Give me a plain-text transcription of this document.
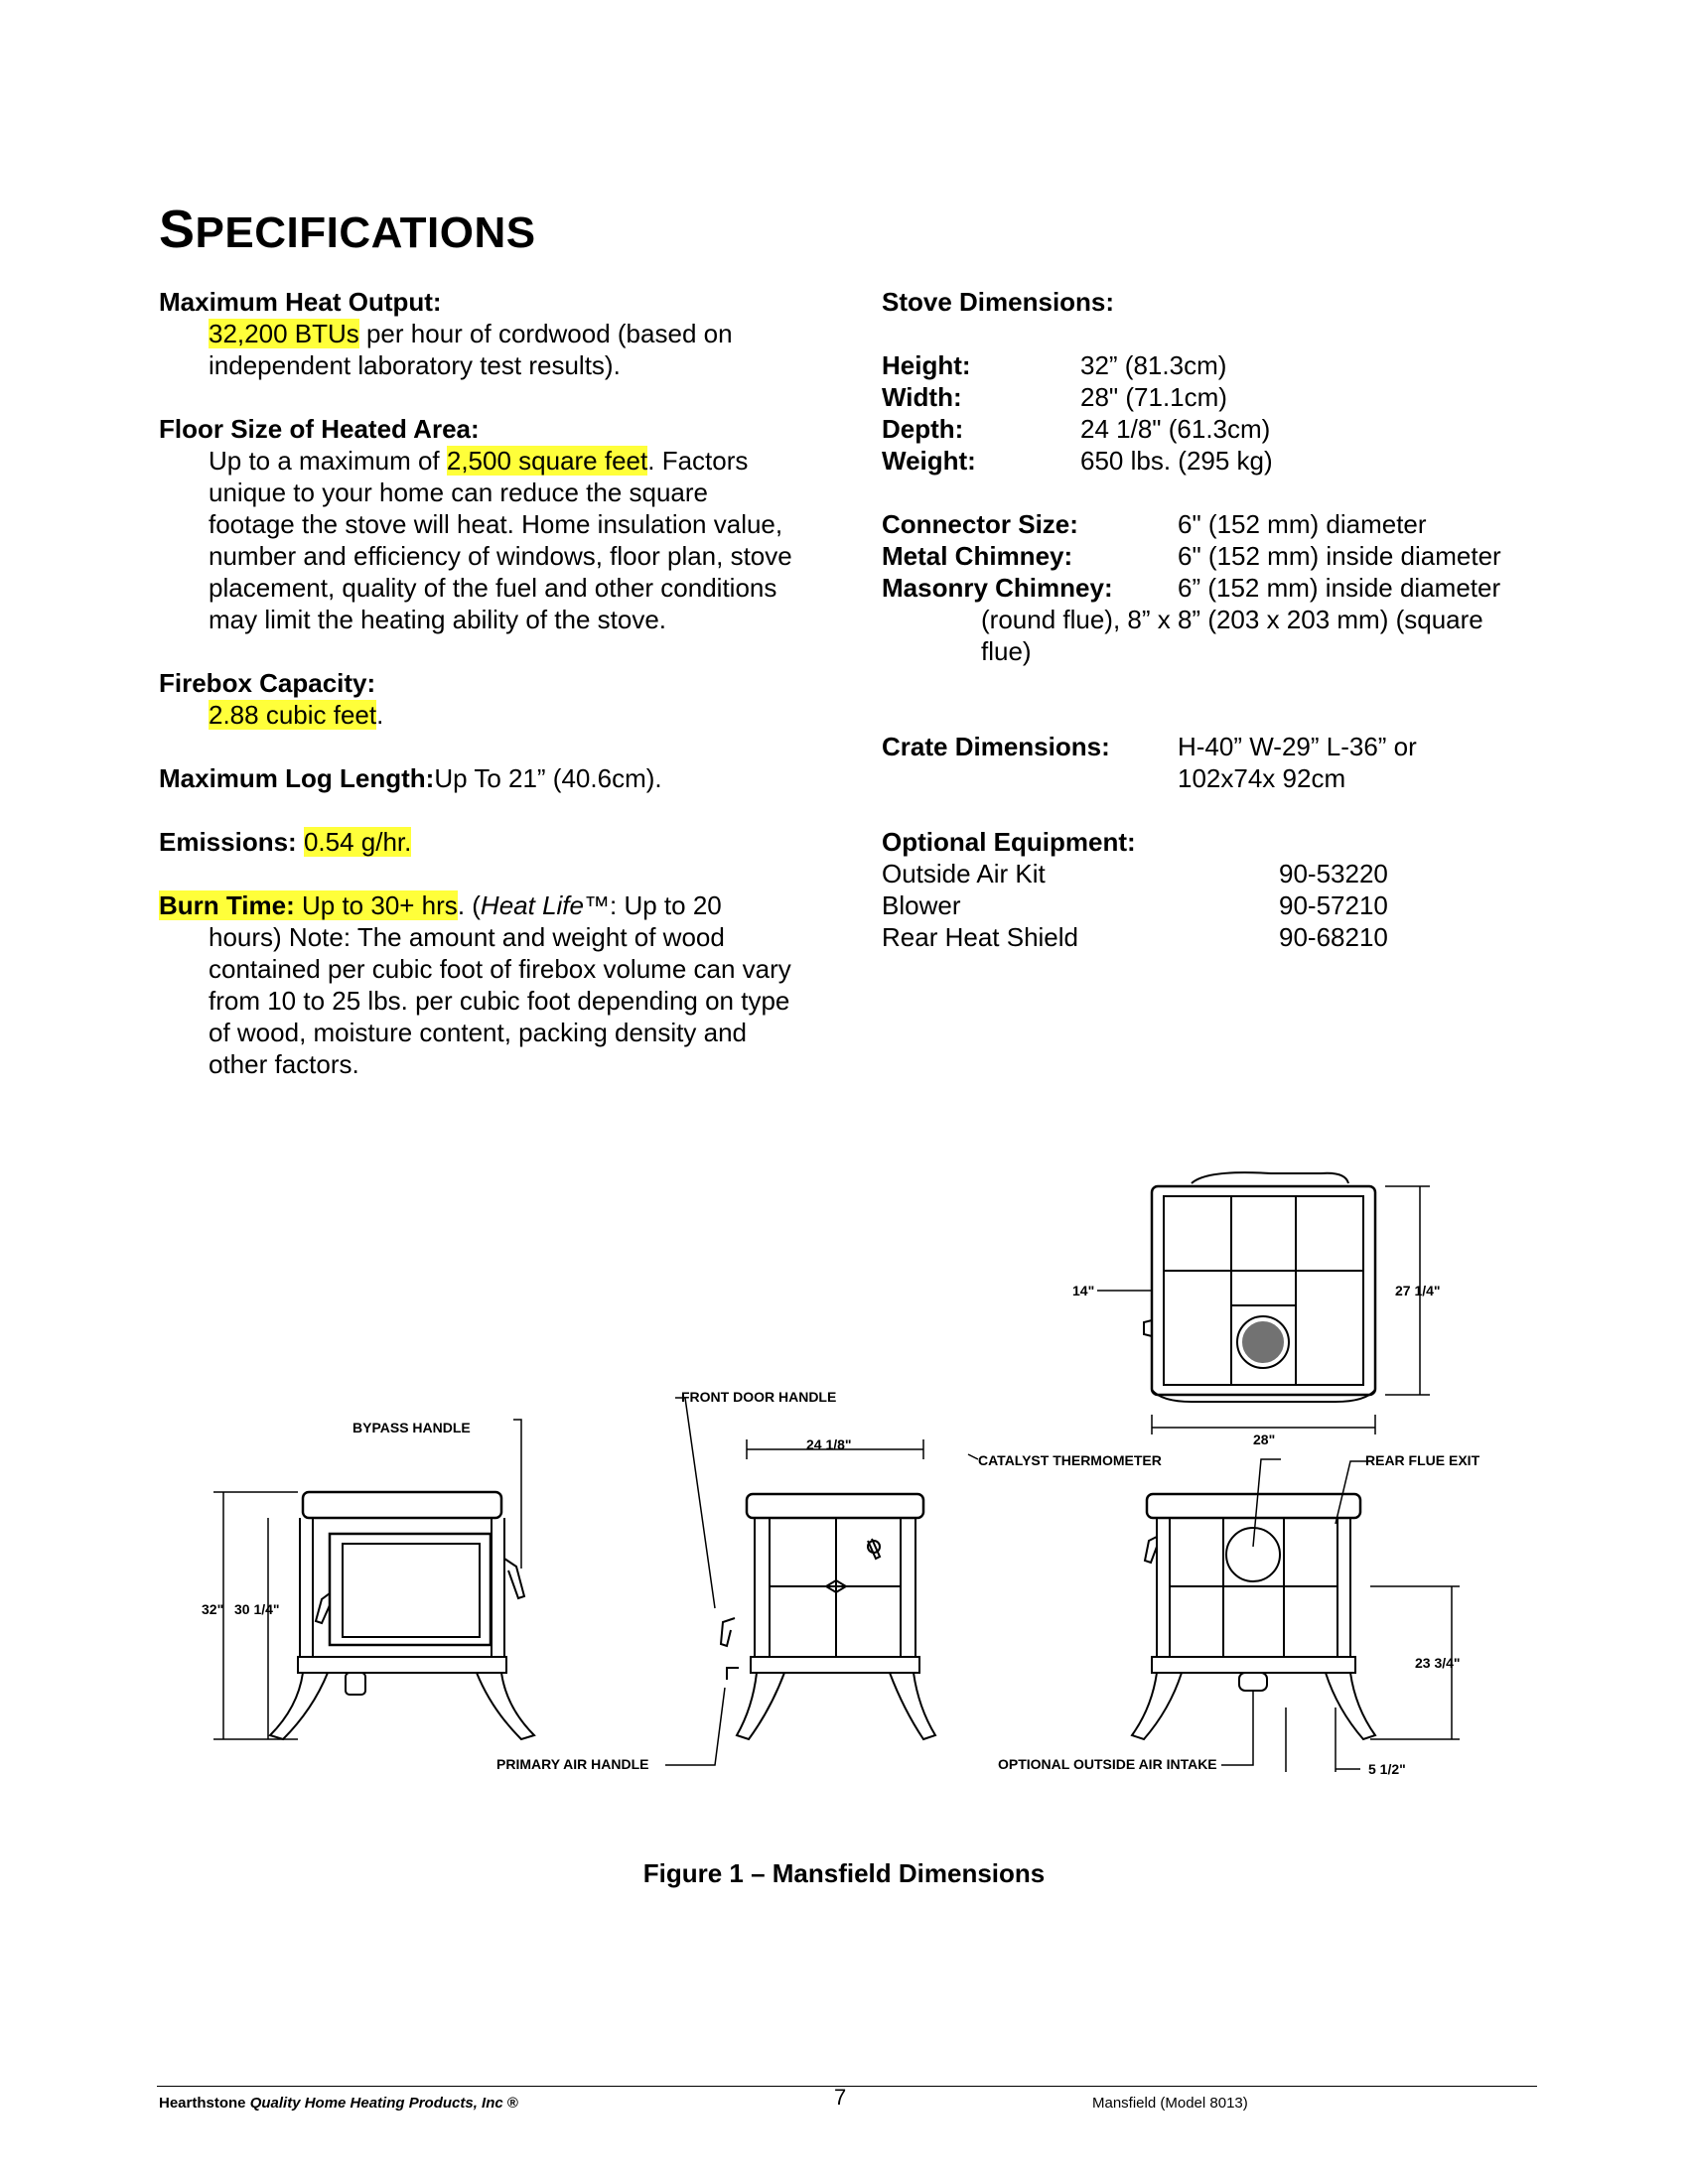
SPECIFICATIONS
Maximum Heat Output:
32,200 BTUs per hour of cordwood (based on independent laboratory test results).
Floor Size of Heated Area:
Up to a maximum of 2,500 square feet. Factors unique to your home can reduce the square footage the stove will heat. Home insulation value, number and efficiency of windows, floor plan, stove placement, quality of the fuel and other conditions may limit the heating ability of the stove.
Firebox Capacity:
2.88 cubic feet.
Maximum Log Length:Up To 21” (40.6cm).
Emissions: 0.54 g/hr.
Burn Time: Up to 30+ hrs. (Heat Life™: Up to 20 hours) Note: The amount and weight of wood contained per cubic foot of firebox volume can vary from 10 to 25 lbs. per cubic foot depending on type of wood, moisture content, packing density and other factors.
Stove Dimensions:
Height:	32” (81.3cm)
Width:	28" (71.1cm)
Depth:	24 1/8" (61.3cm)
Weight:	650 lbs. (295 kg)
Connector Size:	6" (152 mm) diameter
Metal Chimney:	6" (152 mm) inside diameter
Masonry Chimney:	6” (152 mm) inside diameter
(round flue), 8” x 8” (203 x 203 mm) (square flue)
Crate Dimensions:	H-40” W-29” L-36” or
102x74x 92cm
Optional Equipment:
Outside Air Kit	90-53220
Blower	90-57210
Rear Heat Shield	90-68210
14"	27 1/4"
28"
32" 30 1/4"
BYPASS HANDLE
PRIMARY AIR HANDLE
24 1/8"
FRONT DOOR HANDLE
REAR FLUE EXIT
CATALYST THERMOMETER
23 3/4"
5 1/2"
OPTIONAL OUTSIDE AIR INTAKE
Figure 1 – Mansfield Dimensions
Hearthstone Quality Home Heating Products, Inc ®	7	Mansfield (Model 8013)
